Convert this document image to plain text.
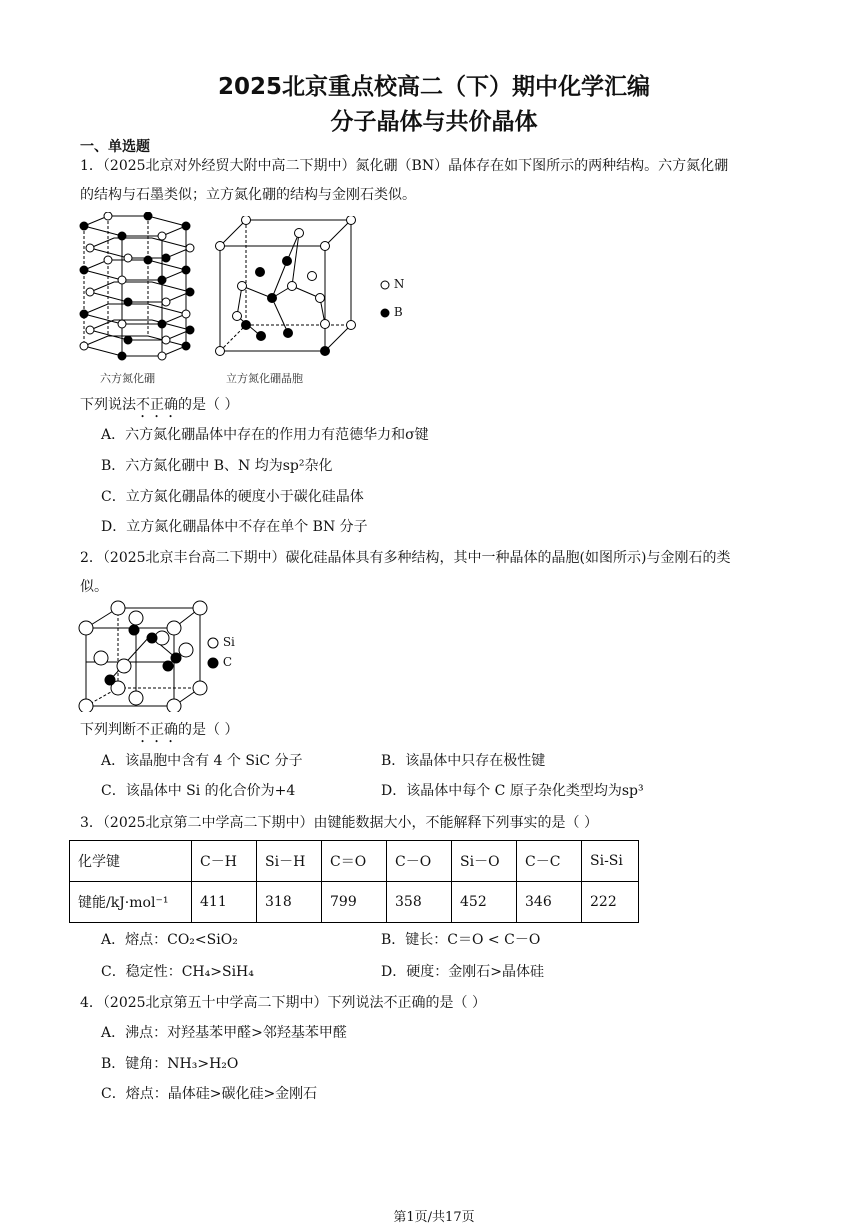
2025北京重点校高二（下）期中化学汇编
分子晶体与共价晶体
一、单选题
1．（2025北京对外经贸大附中高二下期中）氮化硼（BN）晶体存在如下图所示的两种结构。六方氮化硼
的结构与石墨类似；立方氮化硼的结构与金刚石类似。
N
B
六方氮化硼	立方氮化硼晶胞
下列说法不正确的是（ ）
A．六方氮化硼晶体中存在的作用力有范德华力和σ键
B．六方氮化硼中 B、N 均为sp²杂化
C．立方氮化硼晶体的硬度小于碳化硅晶体
D．立方氮化硼晶体中不存在单个 BN 分子
2．（2025北京丰台高二下期中）碳化硅晶体具有多种结构，其中一种晶体的晶胞(如图所示)与金刚石的类
似。
Si
C
下列判断不正确的是（ ）
A．该晶胞中含有 4 个 SiC 分子	B．该晶体中只存在极性键
C．该晶体中 Si 的化合价为+4	D．该晶体中每个 C 原子杂化类型均为sp³
3．（2025北京第二中学高二下期中）由键能数据大小，不能解释下列事实的是（ ）
化学键	C－H	Si－H	C＝O	C－O	Si－O	C－C	Si-Si
键能/kJ·mol⁻¹	411	318	799	358	452	346	222
A．熔点：CO₂<SiO₂	B．键长：C＝O < C－O
C．稳定性：CH₄>SiH₄	D．硬度：金刚石>晶体硅
4．（2025北京第五十中学高二下期中）下列说法不正确的是（ ）
A．沸点：对羟基苯甲醛>邻羟基苯甲醛
B．键角：NH₃>H₂O
C．熔点：晶体硅>碳化硅>金刚石
第1页/共17页
